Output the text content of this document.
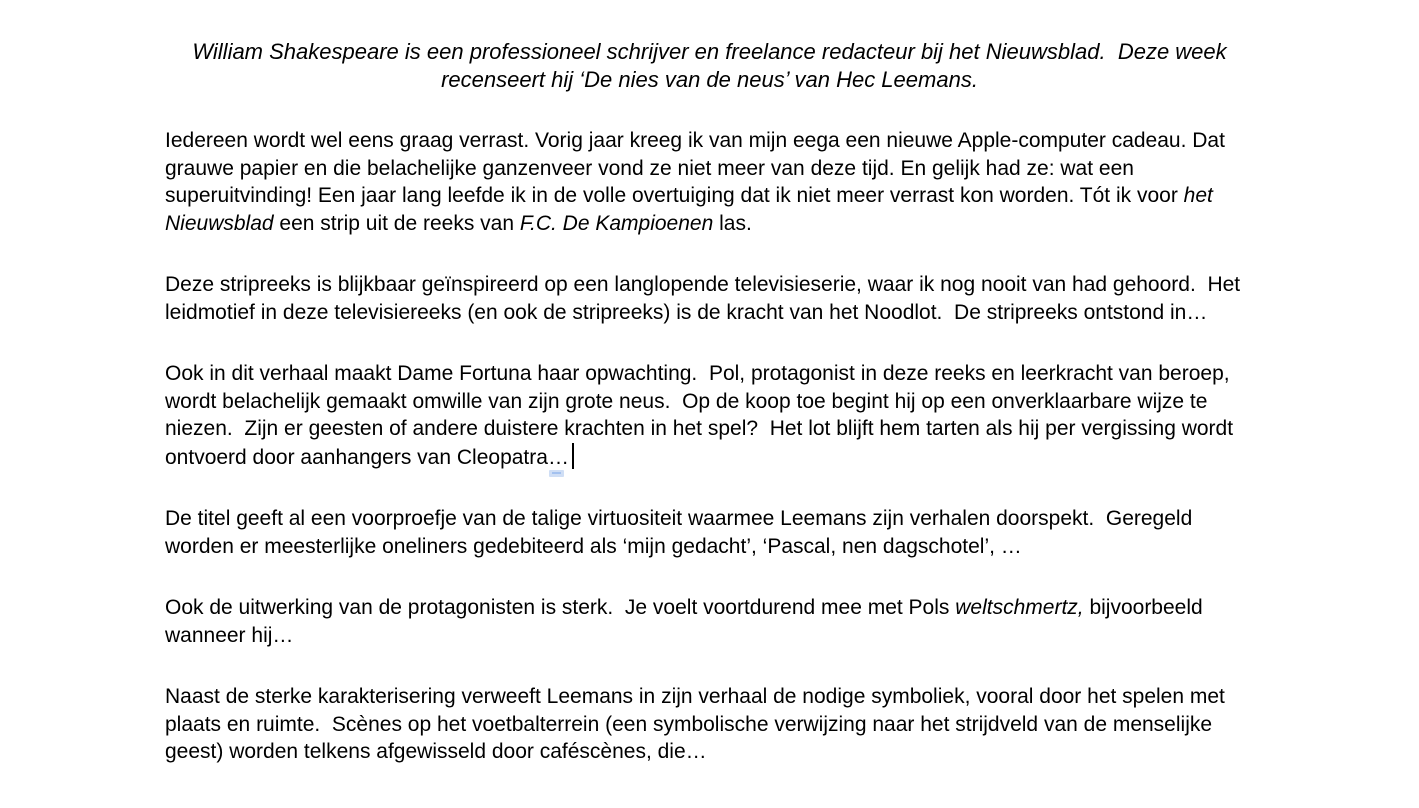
William Shakespeare is een professioneel schrijver en freelance redacteur bij het Nieuwsblad.  Deze week recenseert hij ‘De nies van de neus’ van Hec Leemans.

Iedereen wordt wel eens graag verrast. Vorig jaar kreeg ik van mijn eega een nieuwe Apple-computer cadeau. Dat grauwe papier en die belachelijke ganzenveer vond ze niet meer van deze tijd. En gelijk had ze: wat een superuitvinding! Een jaar lang leefde ik in de volle overtuiging dat ik niet meer verrast kon worden. Tót ik voor het Nieuwsblad een strip uit de reeks van F.C. De Kampioenen las.

Deze stripreeks is blijkbaar geïnspireerd op een langlopende televisieserie, waar ik nog nooit van had gehoord.  Het leidmotief in deze televisiereeks (en ook de stripreeks) is de kracht van het Noodlot.  De stripreeks ontstond in…

Ook in dit verhaal maakt Dame Fortuna haar opwachting.  Pol, protagonist in deze reeks en leerkracht van beroep, wordt belachelijk gemaakt omwille van zijn grote neus.  Op de koop toe begint hij op een onverklaarbare wijze te niezen.  Zijn er geesten of andere duistere krachten in het spel?  Het lot blijft hem tarten als hij per vergissing wordt ontvoerd door aanhangers van Cleopatra…

De titel geeft al een voorproefje van de talige virtuositeit waarmee Leemans zijn verhalen doorspekt.  Geregeld worden er meesterlijke oneliners gedebiteerd als ‘mijn gedacht’, ‘Pascal, nen dagschotel’, …

Ook de uitwerking van de protagonisten is sterk.  Je voelt voortdurend mee met Pols weltschmertz, bijvoorbeeld wanneer hij…

Naast de sterke karakterisering verweeft Leemans in zijn verhaal de nodige symboliek, vooral door het spelen met plaats en ruimte.  Scènes op het voetbalterrein (een symbolische verwijzing naar het strijdveld van de menselijke geest) worden telkens afgewisseld door caféscènes, die…
